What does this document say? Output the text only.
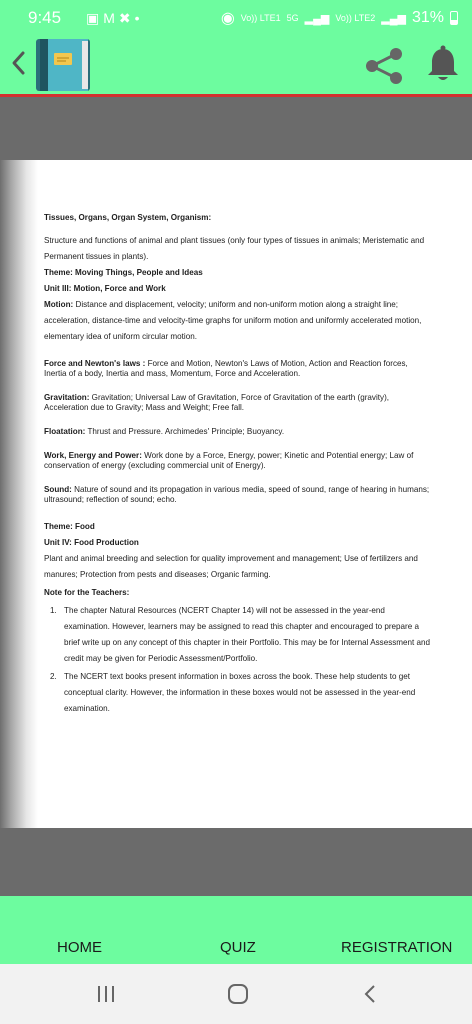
9:45 ▣M✖•	◉ Vo)) LTE1 5G ▂▄▆ Vo)) LTE2 ▂▄▆ 31%

Tissues, Organs, Organ System, Organism:

Structure and functions of animal and plant tissues (only four types of tissues in animals; Meristematic and Permanent tissues in plants).

Theme: Moving Things, People and Ideas

Unit III: Motion, Force and Work

Motion: Distance and displacement, velocity; uniform and non-uniform motion along a straight line; acceleration, distance-time and velocity-time graphs for uniform motion and uniformly accelerated motion, elementary idea of uniform circular motion.

Force and Newton's laws : Force and Motion, Newton's Laws of Motion, Action and Reaction forces, Inertia of a body, Inertia and mass, Momentum, Force and Acceleration.

Gravitation: Gravitation; Universal Law of Gravitation, Force of Gravitation of the earth (gravity), Acceleration due to Gravity; Mass and Weight; Free fall.

Floatation: Thrust and Pressure. Archimedes' Principle; Buoyancy.

Work, Energy and Power: Work done by a Force, Energy, power; Kinetic and Potential energy; Law of conservation of energy (excluding commercial unit of Energy).

Sound: Nature of sound and its propagation in various media, speed of sound, range of hearing in humans; ultrasound; reflection of sound; echo.

Theme: Food

Unit IV: Food Production

Plant and animal breeding and selection for quality improvement and management; Use of fertilizers and manures; Protection from pests and diseases; Organic farming.

Note for the Teachers:

1. The chapter Natural Resources (NCERT Chapter 14) will not be assessed in the year-end examination. However, learners may be assigned to read this chapter and encouraged to prepare a brief write up on any concept of this chapter in their Portfolio. This may be for Internal Assessment and credit may be given for Periodic Assessment/Portfolio.
2. The NCERT text books present information in boxes across the book. These help students to get conceptual clarity. However, the information in these boxes would not be assessed in the year-end examination.
HOME	QUIZ	REGISTRATION
